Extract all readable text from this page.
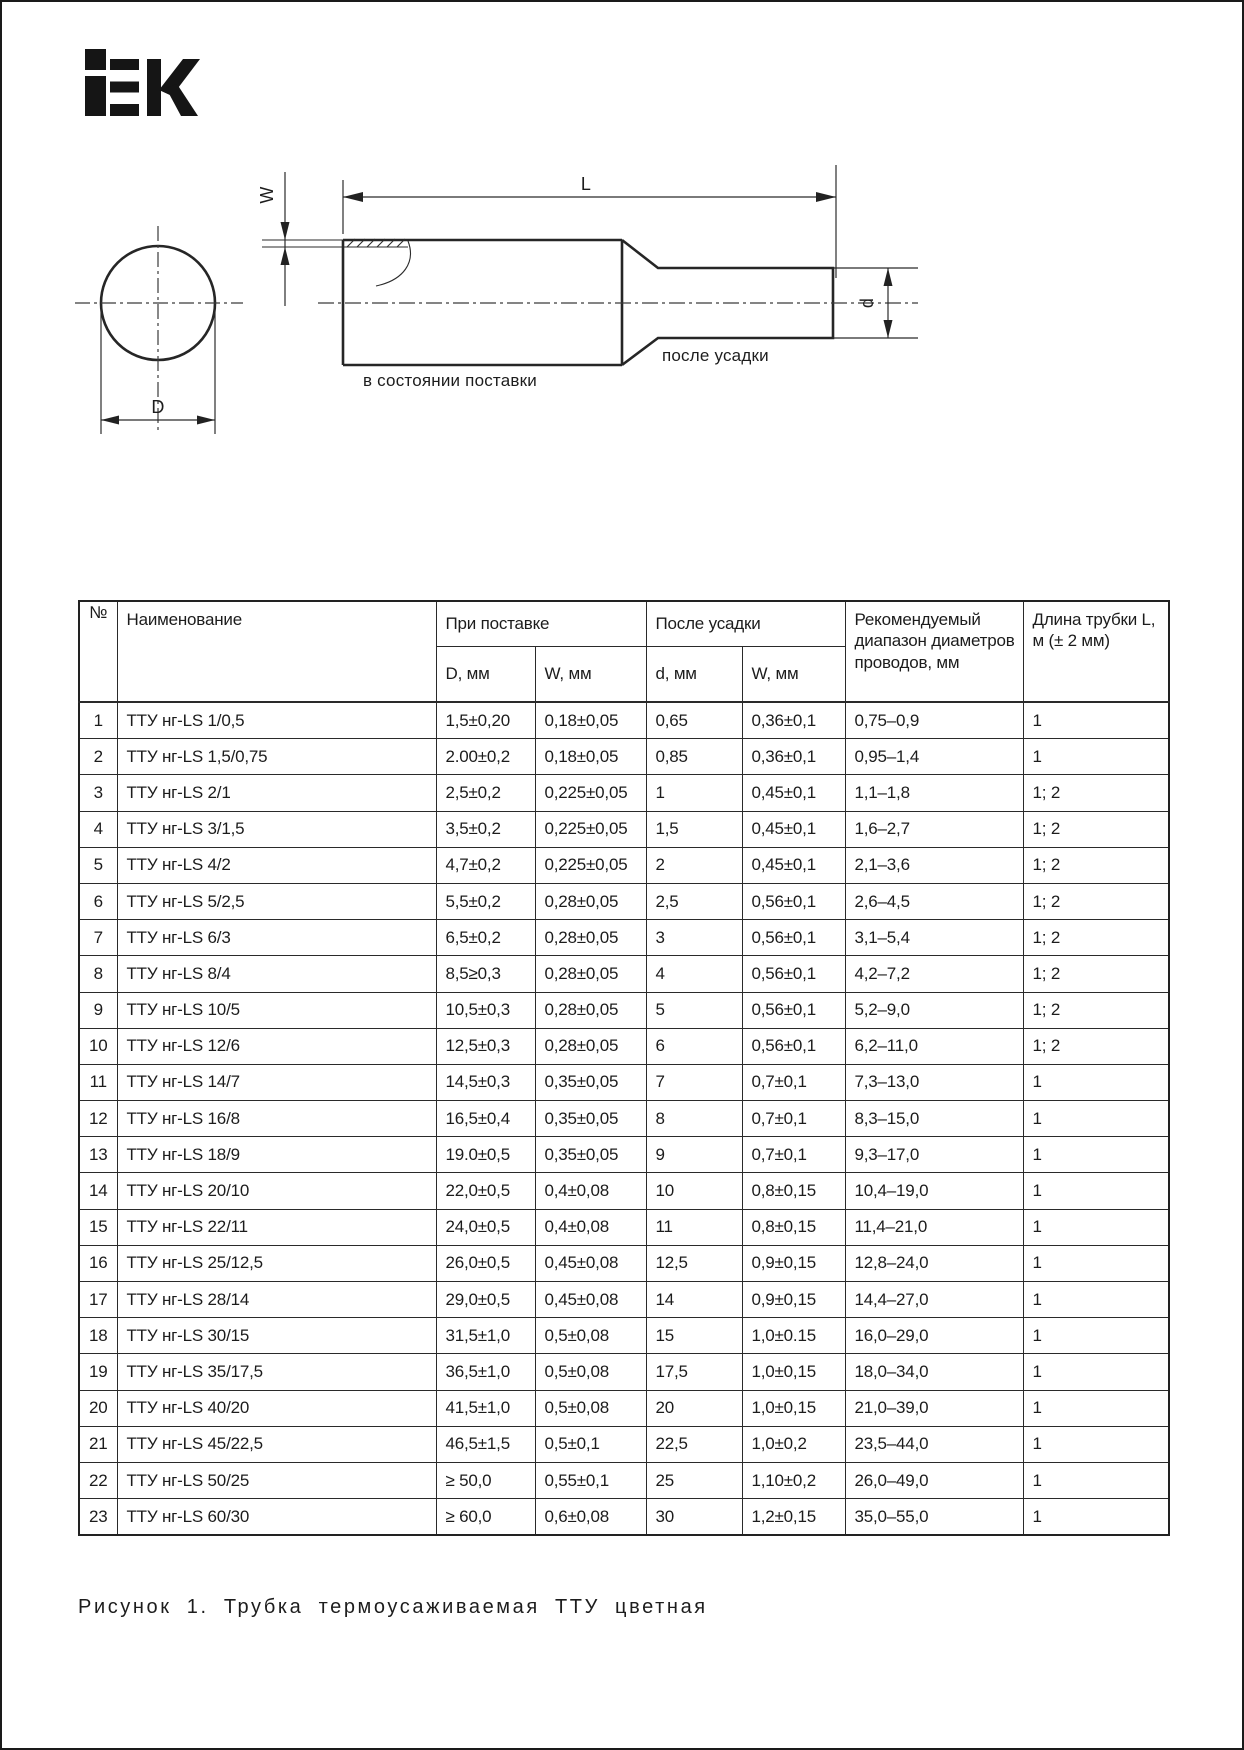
D
W
L
d
в состоянии поставки
после усадки
№	Наименование	При поставке		После усадки		Рекомендуемый диапазон диаметров проводов, мм	Длина трубки L, м (± 2 мм)
		D, мм	W, мм	d, мм	W, мм		
1	ТТУ нг-LS 1/0,5	1,5±0,20	0,18±0,05	0,65	0,36±0,1	0,75–0,9	1
2	ТТУ нг-LS 1,5/0,75	2.00±0,2	0,18±0,05	0,85	0,36±0,1	0,95–1,4	1
3	ТТУ нг-LS 2/1	2,5±0,2	0,225±0,05	1	0,45±0,1	1,1–1,8	1; 2
4	ТТУ нг-LS 3/1,5	3,5±0,2	0,225±0,05	1,5	0,45±0,1	1,6–2,7	1; 2
5	ТТУ нг-LS 4/2	4,7±0,2	0,225±0,05	2	0,45±0,1	2,1–3,6	1; 2
6	ТТУ нг-LS 5/2,5	5,5±0,2	0,28±0,05	2,5	0,56±0,1	2,6–4,5	1; 2
7	ТТУ нг-LS 6/3	6,5±0,2	0,28±0,05	3	0,56±0,1	3,1–5,4	1; 2
8	ТТУ нг-LS 8/4	8,5≥0,3	0,28±0,05	4	0,56±0,1	4,2–7,2	1; 2
9	ТТУ нг-LS 10/5	10,5±0,3	0,28±0,05	5	0,56±0,1	5,2–9,0	1; 2
10	ТТУ нг-LS 12/6	12,5±0,3	0,28±0,05	6	0,56±0,1	6,2–11,0	1; 2
11	ТТУ нг-LS 14/7	14,5±0,3	0,35±0,05	7	0,7±0,1	7,3–13,0	1
12	ТТУ нг-LS 16/8	16,5±0,4	0,35±0,05	8	0,7±0,1	8,3–15,0	1
13	ТТУ нг-LS 18/9	19.0±0,5	0,35±0,05	9	0,7±0,1	9,3–17,0	1
14	ТТУ нг-LS 20/10	22,0±0,5	0,4±0,08	10	0,8±0,15	10,4–19,0	1
15	ТТУ нг-LS 22/11	24,0±0,5	0,4±0,08	11	0,8±0,15	11,4–21,0	1
16	ТТУ нг-LS 25/12,5	26,0±0,5	0,45±0,08	12,5	0,9±0,15	12,8–24,0	1
17	ТТУ нг-LS 28/14	29,0±0,5	0,45±0,08	14	0,9±0,15	14,4–27,0	1
18	ТТУ нг-LS 30/15	31,5±1,0	0,5±0,08	15	1,0±0.15	16,0–29,0	1
19	ТТУ нг-LS 35/17,5	36,5±1,0	0,5±0,08	17,5	1,0±0,15	18,0–34,0	1
20	ТТУ нг-LS 40/20	41,5±1,0	0,5±0,08	20	1,0±0,15	21,0–39,0	1
21	ТТУ нг-LS 45/22,5	46,5±1,5	0,5±0,1	22,5	1,0±0,2	23,5–44,0	1
22	ТТУ нг-LS 50/25	≥ 50,0	0,55±0,1	25	1,10±0,2	26,0–49,0	1
23	ТТУ нг-LS 60/30	≥ 60,0	0,6±0,08	30	1,2±0,15	35,0–55,0	1
Рисунок 1. Трубка термоусаживаемая ТТУ цветная
